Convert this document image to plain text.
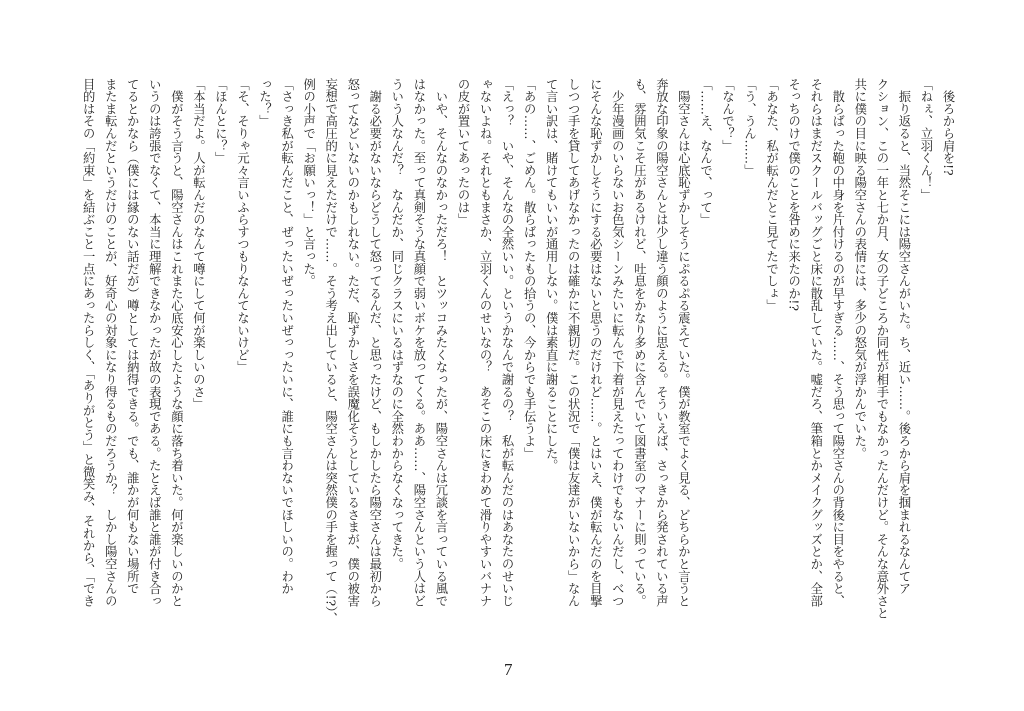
　後ろから肩を!?
「ねぇ、立羽くん！」
　振り返ると、当然そこには陽空さんがいた。ち、近い……。後ろから肩を掴まれるなんてア
クション、この一年と七か月、女の子どころか同性が相手でもなかったんだけど。そんな意外さと
共に僕の目に映る陽空さんの表情には、多少の怒気が浮かんでいた。
　散らばった鞄の中身を片付けるのが早すぎる……、そう思って陽空さんの背後に目をやると、
それらはまだスクールバッグごと床に散乱していた。嘘だろ、筆箱とかメイクグッズとか、全部
そっちのけで僕のことを咎めに来たのか!?
「あなた、私が転んだとこ見てたでしょ」
「う、うん……」
「なんで？」
「……え、なんで、って」
　陽空さんは心底恥ずかしそうにぷるぷる震えていた。僕が教室でよく見る、どちらかと言うと
奔放な印象の陽空さんとは少し違う顔のように思える。そういえば、さっきから発されている声
も、雰囲気こそ圧があるけれど、吐息をかなり多めに含んでいて図書室のマナーに則っている。
　少年漫画のいらないお色気シーンみたいに転んで下着が見えたってわけでもないんだし、べつ
にそんな恥ずかしそうにする必要はないと思うのだけれど……。とはいえ、僕が転んだのを目撃
しつつ手を貸してあげなかったのは確かに不親切だ。この状況で「僕は友達がいないから」なん
て言い訳は、賭けてもいいが通用しない。僕は素直に謝ることにした。
「あの……、ごめん。散らばったもの拾うの、今からでも手伝うよ」
「えっ？　いや、そんなの全然いい。というかなんで謝るの？　私が転んだのはあなたのせいじ
ゃないよね。それともまさか、立羽くんのせいなの？　あそこの床にきわめて滑りやすいバナナ
の皮が置いてあったのは」
　いや、そんなのなかっただろ！　とツッコみたくなったが、陽空さんは冗談を言っている風で
はなかった。至って真剣そうな真顔で弱いボケを放ってくる。ああ……、陽空さんという人はど
ういう人なんだ？　なんだか、同じクラスにいるはずなのに全然わからなくなってきた。
　謝る必要がないならどうして怒ってるんだ、と思ったけど、もしかしたら陽空さんは最初から
怒ってなどいないのかもしれない。ただ、恥ずかしさを誤魔化そうとしているさまが、僕の被害
妄想で高圧的に見えただけで……。そう考え出していると、陽空さんは突然僕の手を握って（!?）、
例の小声で「お願いっ！」と言った。
「さっき私が転んだこと、ぜったいぜったいぜっったいに、誰にも言わないでほしいの。わか
った？」
「そ、そりゃ元々言いふらすつもりなんてないけど」
「ほんとに？」
「本当だよ。人が転んだのなんて噂にして何が楽しいのさ」
　僕がそう言うと、陽空さんはこれまた心底安心したような顔に落ち着いた。何が楽しいのかと
いうのは誇張でなくて、本当に理解できなかったが故の表現である。たとえば誰と誰が付き合っ
てるとかなら（僕には縁のない話だが）噂としては納得できる。でも、誰かが何もない場所で
またま転んだというだけのことが、好奇心の対象になり得るものだろうか？　しかし陽空さんの
目的はその「約束」を結ぶこと一点にあったらしく、「ありがとう」と微笑み、それから、「でき
7
